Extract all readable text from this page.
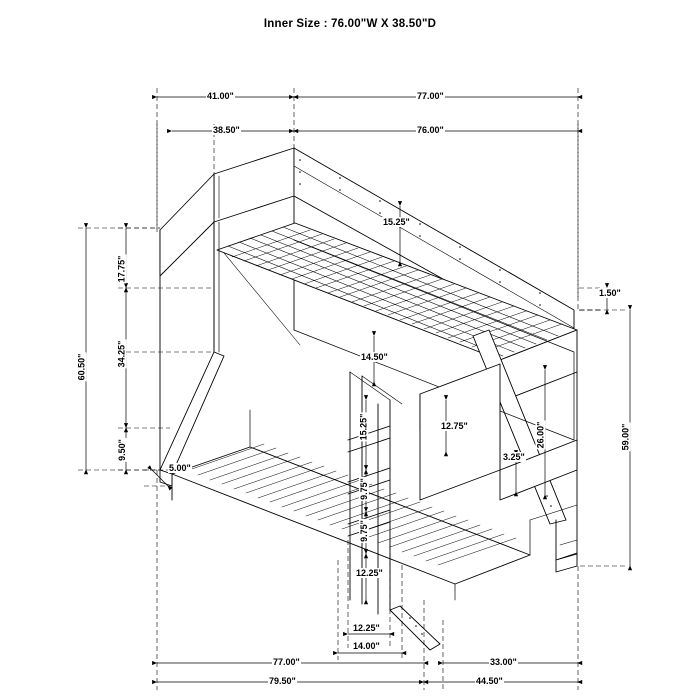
Inner Size : 76.00"W X 38.50"D
41.00"	77.00"
38.50"	76.00"
15.25"
17.75"
34.25"
60.50"
9.50"
5.00"
1.50"
59.00"
26.00"
3.25"
14.50"
15.25"
9.75"
9.75"
12.25"
12.75"
12.25"
14.00"
77.00"	33.00"
79.50"	44.50"
